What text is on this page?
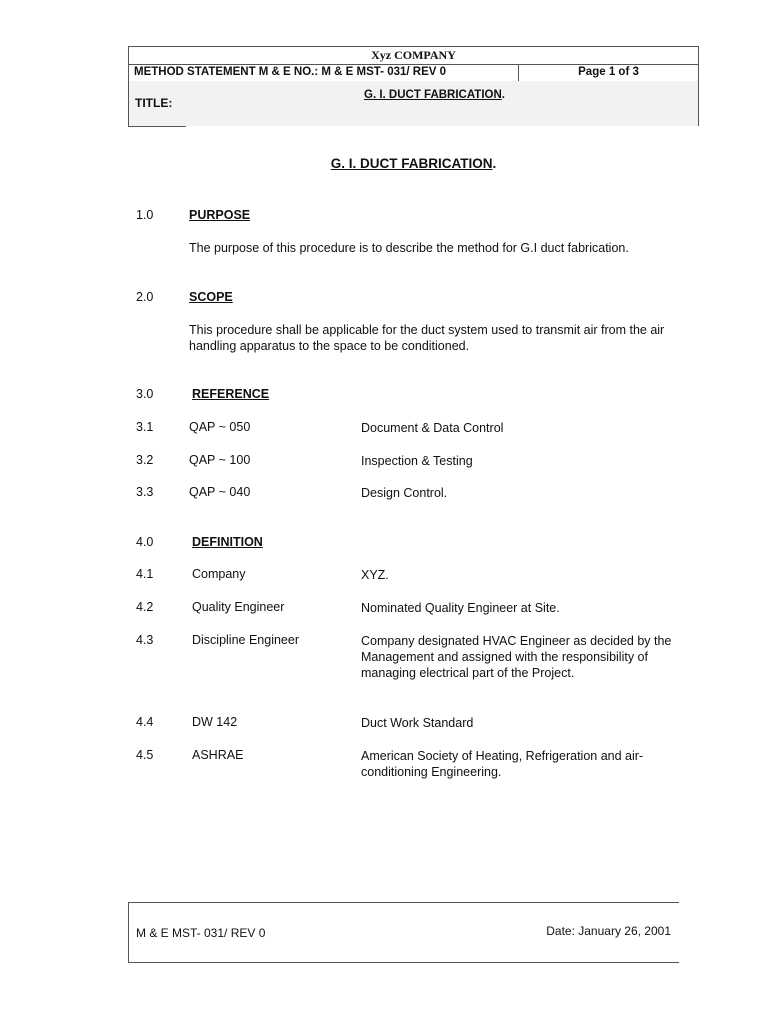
Xyz COMPANY
METHOD STATEMENT M & E NO.: M & E MST- 031/ REV 0	Page 1 of 3
TITLE:
G. I. DUCT FABRICATION.
G. I. DUCT FABRICATION.
1.0	PURPOSE
The purpose of this procedure is to describe the method for G.I duct fabrication.
2.0	SCOPE
This procedure shall be applicable for the duct system used to transmit air from the air handling apparatus to the space to be conditioned.
3.0	REFERENCE
3.1	QAP ~ 050	Document & Data Control
3.2	QAP ~ 100	Inspection & Testing
3.3	QAP ~ 040	Design Control.
4.0	DEFINITION
4.1	Company	XYZ.
4.2	Quality Engineer	Nominated Quality Engineer at Site.
4.3	Discipline Engineer	Company designated HVAC Engineer as decided by the Management and assigned with the responsibility of managing electrical part of the Project.
4.4	DW 142	Duct Work Standard
4.5	ASHRAE	American Society of Heating, Refrigeration and air-conditioning Engineering.
M & E MST- 031/ REV 0	Date: January 26, 2001
